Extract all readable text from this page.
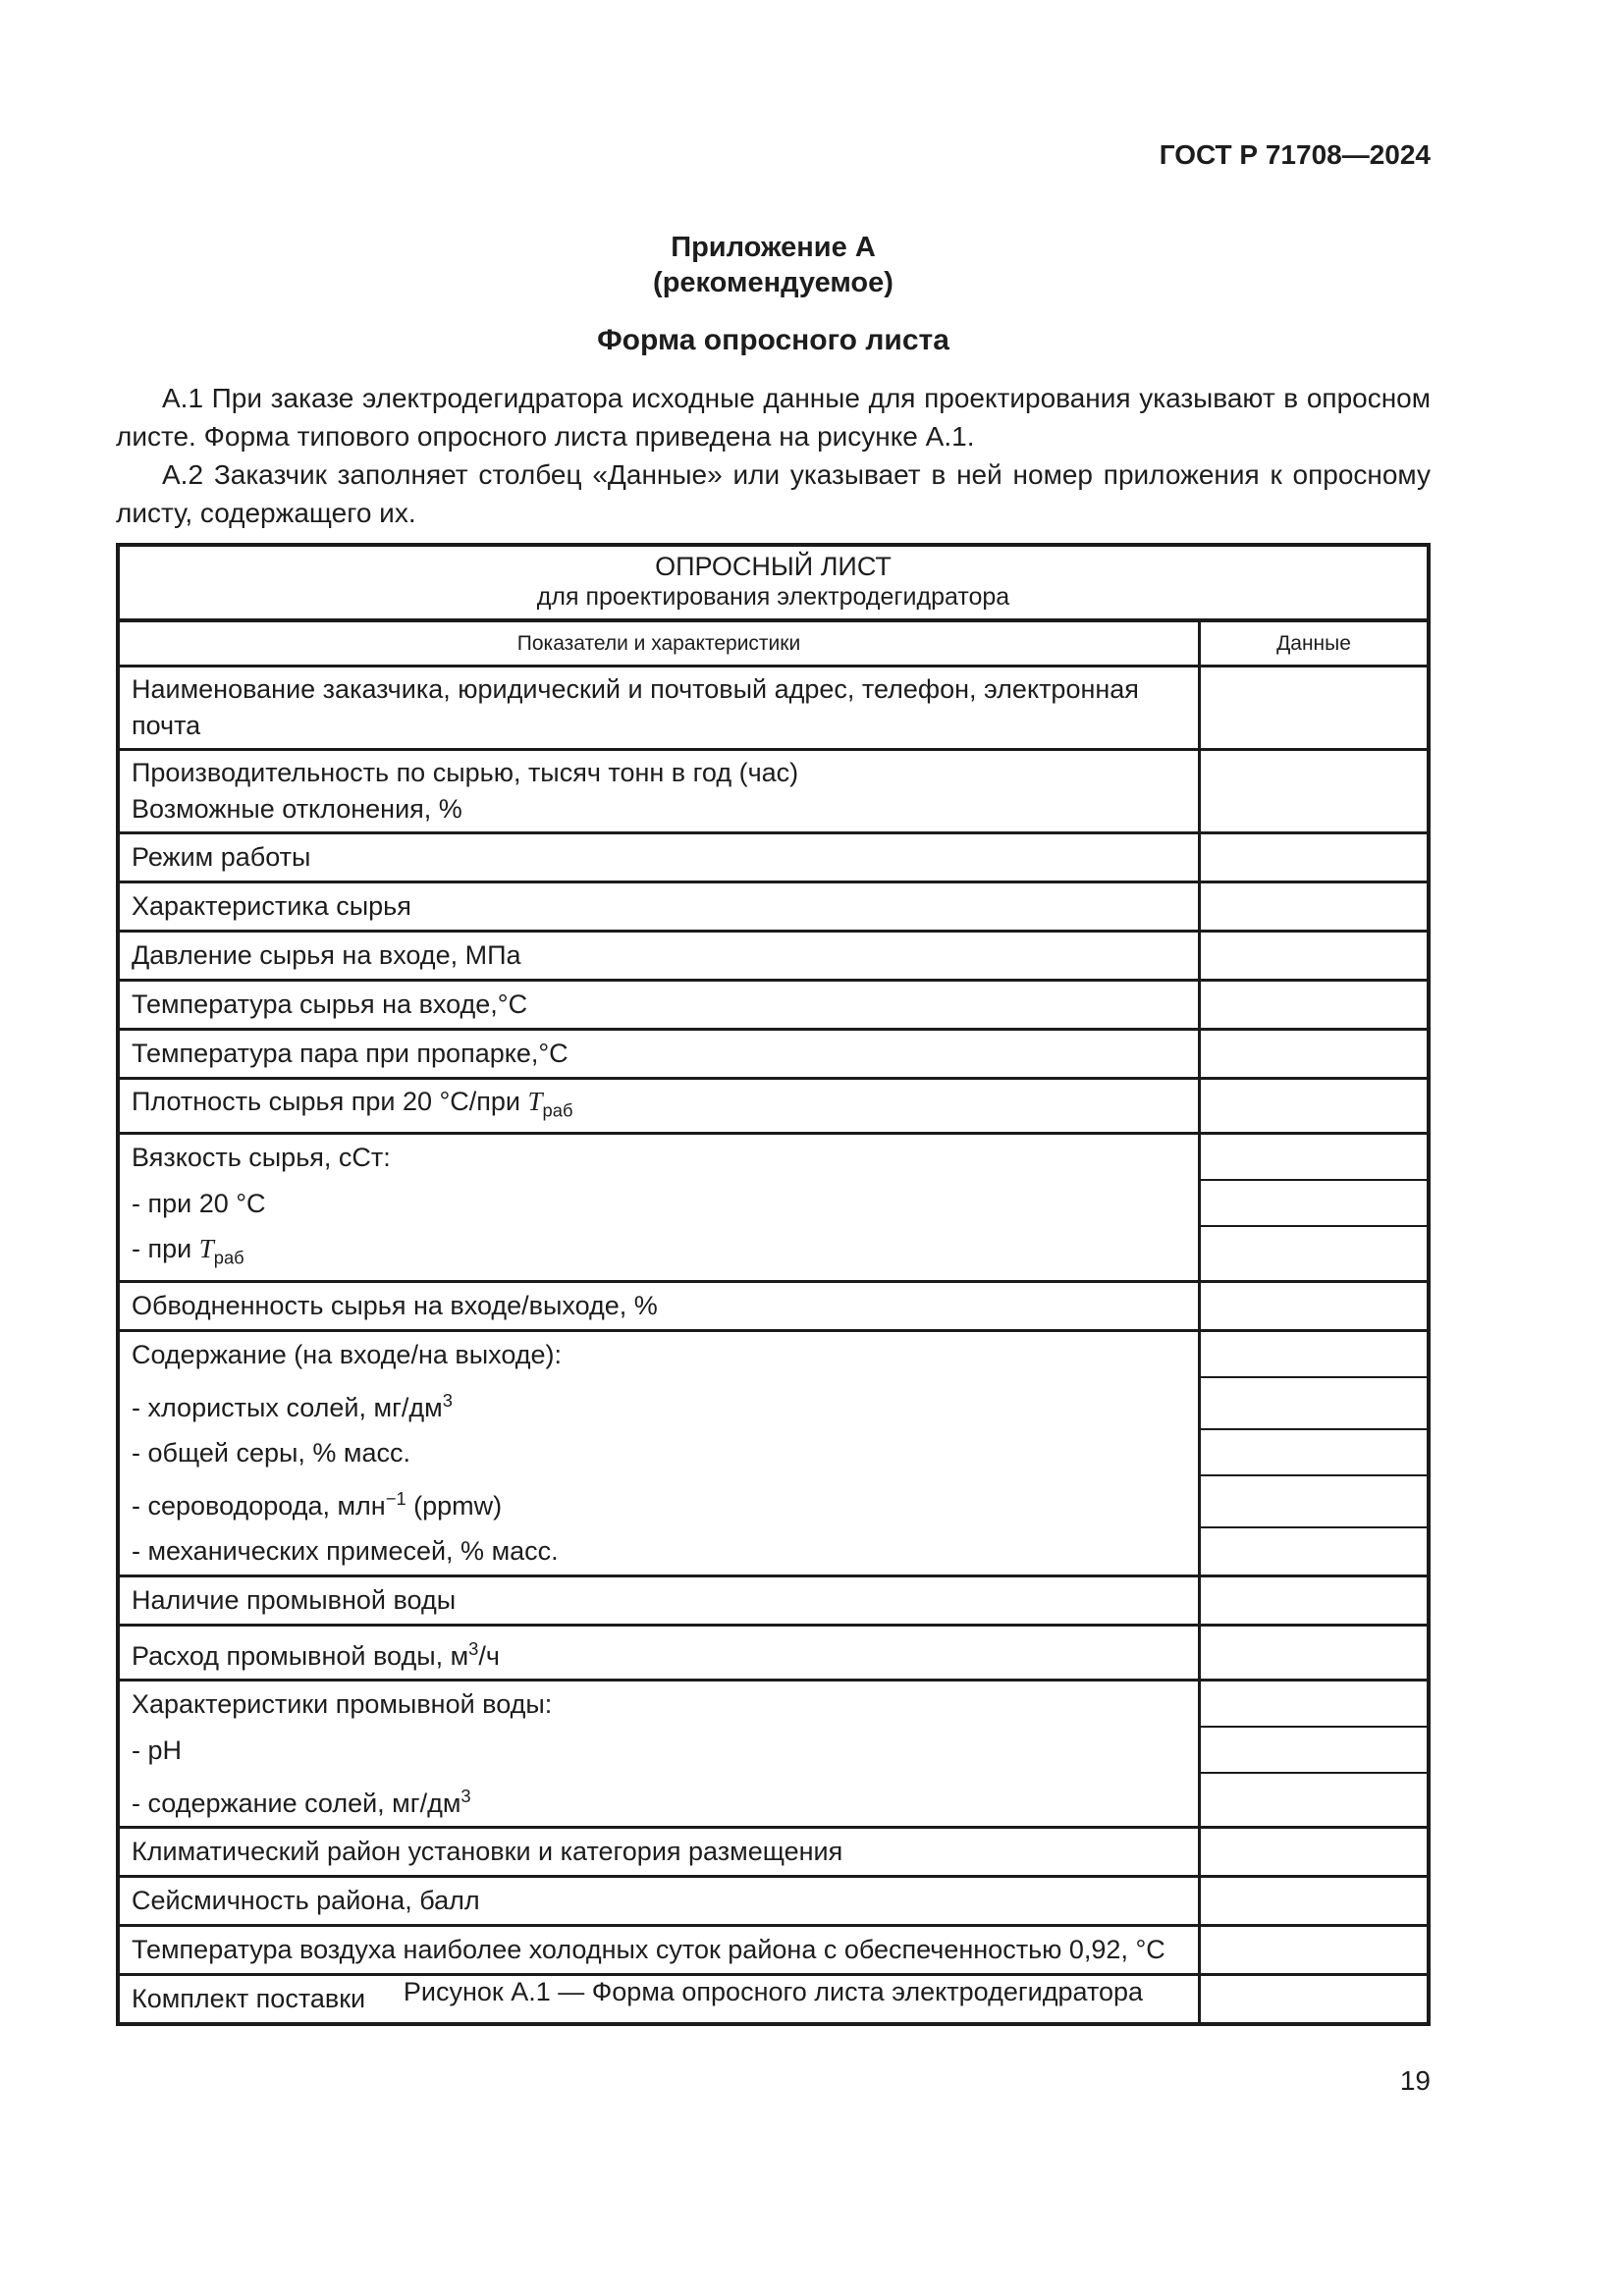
ГОСТ Р 71708—2024
Приложение А
(рекомендуемое)
Форма опросного листа

А.1 При заказе электродегидратора исходные данные для проектирования указывают в опросном листе. Форма типового опросного листа приведена на рисунке А.1.

А.2 Заказчик заполняет столбец «Данные» или указывает в ней номер приложения к опросному листу, содержащего их.

ОПРОСНЫЙ ЛИСТ
для проектирования электродегидратора
Показатели и характеристики	Данные
Наименование заказчика, юридический и почтовый адрес, телефон, электронная почта
Производительность по сырью, тысяч тонн в год (час)
Возможные отклонения, %
Режим работы
Характеристика сырья
Давление сырья на входе, МПа
Температура сырья на входе,°С
Температура пара при пропарке,°С
Плотность сырья при 20 °С/при $T_{раб}$
Вязкость сырья, сСт:
- при 20 °С
- при $T_{раб}$
Обводненность сырья на входе/выходе, %
Содержание (на входе/на выходе):
- хлористых солей, $мг/дм^3$
- общей серы, % масс.
- сероводорода, млн$^{-1}$ (ppmw)
- механических примесей, % масс.
Наличие промывной воды
Расход промывной воды, $м^3/ч$
Характеристики промывной воды:
- pH
- содержание солей, $мг/дм^3$
Климатический район установки и категория размещения
Сейсмичность района, балл
Температура воздуха наиболее холодных суток района с обеспеченностью 0,92, °С
Комплект поставки	Рисунок А.1 — Форма опросного листа электродегидратора
19
